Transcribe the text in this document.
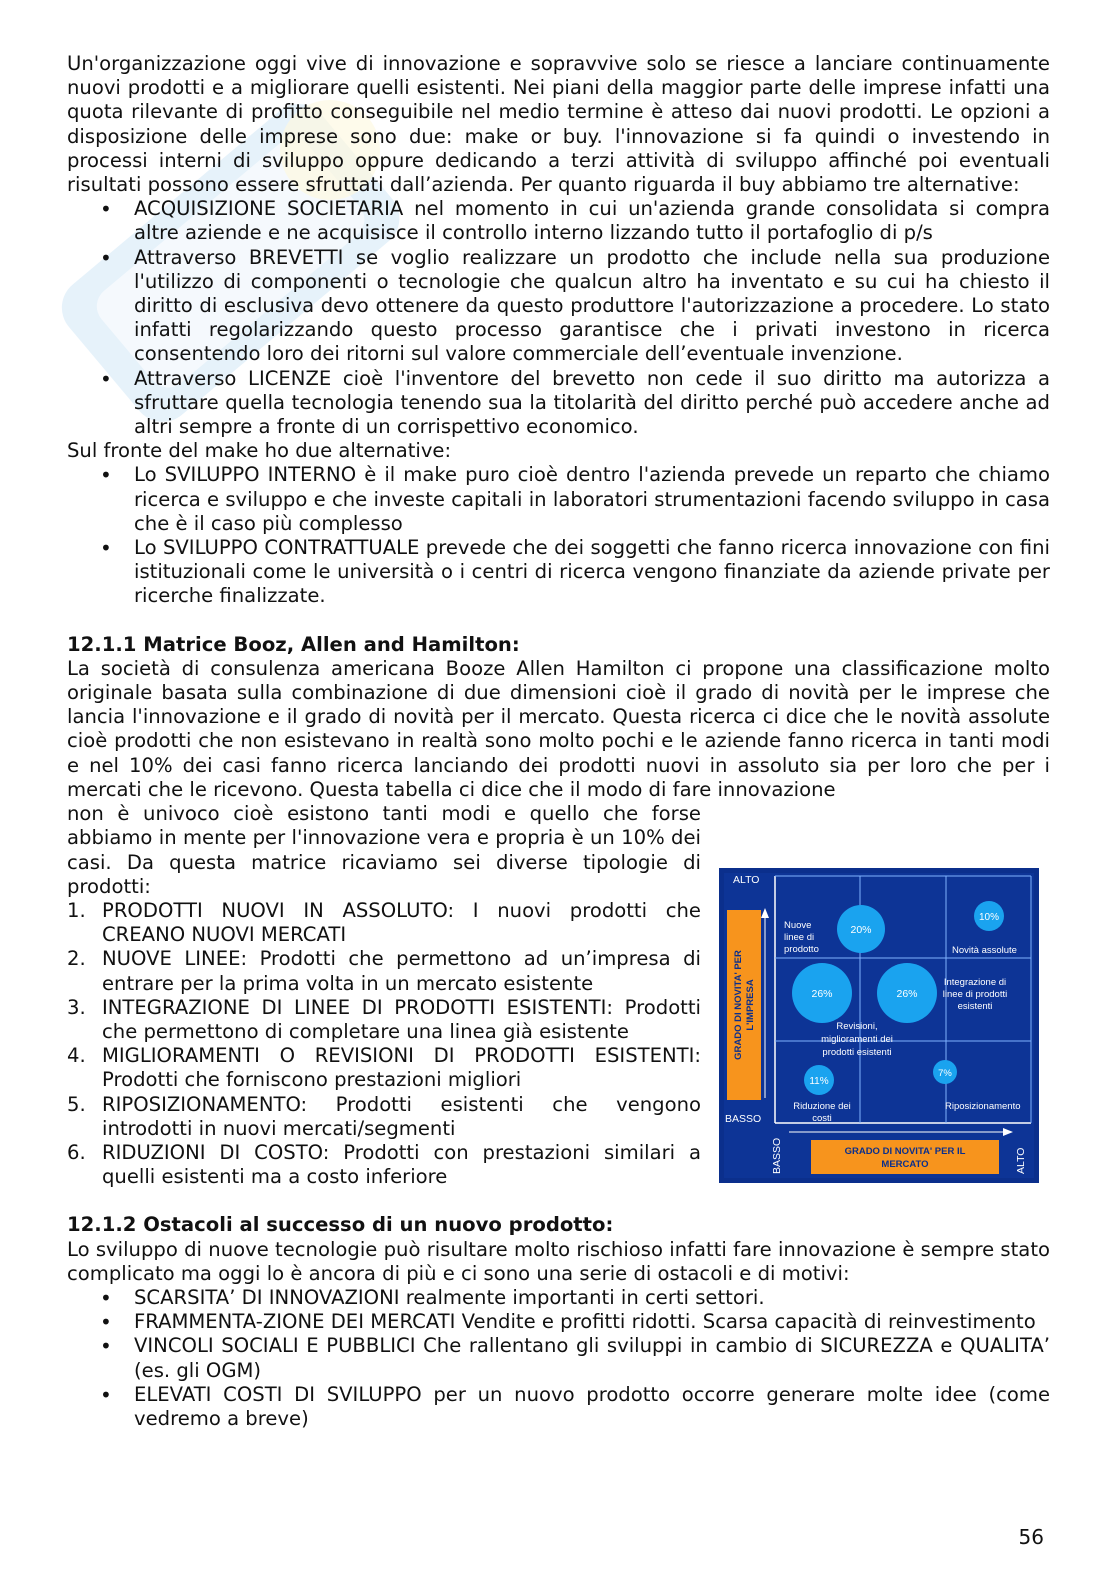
Un'organizzazione oggi vive di innovazione e sopravvive solo se riesce a lanciare continuamente nuovi prodotti e a migliorare quelli esistenti. Nei piani della maggior parte delle imprese infatti una quota rilevante di profitto conseguibile nel medio termine è atteso dai nuovi prodotti. Le opzioni a disposizione delle imprese sono due: make or buy. l'innovazione si fa quindi o investendo in processi interni di sviluppo oppure dedicando a terzi attività di sviluppo affinché poi eventuali risultati possono essere sfruttati dall’azienda. Per quanto riguarda il buy abbiamo tre alternative:

• ACQUISIZIONE SOCIETARIA nel momento in cui un'azienda grande consolidata si compra altre aziende e ne acquisisce il controllo interno lizzando tutto il portafoglio di p/s
• Attraverso BREVETTI se voglio realizzare un prodotto che include nella sua produzione l'utilizzo di componenti o tecnologie che qualcun altro ha inventato e su cui ha chiesto il diritto di esclusiva devo ottenere da questo produttore l'autorizzazione a procedere. Lo stato infatti regolarizzando questo processo garantisce che i privati investono in ricerca consentendo loro dei ritorni sul valore commerciale dell’eventuale invenzione.
• Attraverso LICENZE cioè l'inventore del brevetto non cede il suo diritto ma autorizza a sfruttare quella tecnologia tenendo sua la titolarità del diritto perché può accedere anche ad altri sempre a fronte di un corrispettivo economico.

Sul fronte del make ho due alternative:

• Lo SVILUPPO INTERNO è il make puro cioè dentro l'azienda prevede un reparto che chiamo ricerca e sviluppo e che investe capitali in laboratori strumentazioni facendo sviluppo in casa che è il caso più complesso
• Lo SVILUPPO CONTRATTUALE prevede che dei soggetti che fanno ricerca innovazione con fini istituzionali come le università o i centri di ricerca vengono finanziate da aziende private per ricerche finalizzate.
12.1.1 Matrice Booz, Allen and Hamilton:

La società di consulenza americana Booze Allen Hamilton ci propone una classificazione molto originale basata sulla combinazione di due dimensioni cioè il grado di novità per le imprese che lancia l'innovazione e il grado di novità per il mercato. Questa ricerca ci dice che le novità assolute cioè prodotti che non esistevano in realtà sono molto pochi e le aziende fanno ricerca in tanti modi e nel 10% dei casi fanno ricerca lanciando dei prodotti nuovi in assoluto sia per loro che per i mercati che le ricevono. Questa tabella ci dice che il modo di fare innovazione

non è univoco cioè esistono tanti modi e quello che forse abbiamo in mente per l'innovazione vera e propria è un 10% dei casi. Da questa matrice ricaviamo sei diverse tipologie di prodotti:

1. PRODOTTI NUOVI IN ASSOLUTO: I nuovi prodotti che CREANO NUOVI MERCATI
2. NUOVE LINEE: Prodotti che permettono ad un’impresa di entrare per la prima volta in un mercato esistente
3. INTEGRAZIONE DI LINEE DI PRODOTTI ESISTENTI: Prodotti che permettono di completare una linea già esistente
4. MIGLIORAMENTI O REVISIONI DI PRODOTTI ESISTENTI: Prodotti che forniscono prestazioni migliori
5. RIPOSIZIONAMENTO: Prodotti esistenti che vengono introdotti in nuovi mercati/segmenti
6. RIDUZIONI DI COSTO: Prodotti con prestazioni similari a quelli esistenti ma a costo inferiore
12.1.2 Ostacoli al successo di un nuovo prodotto:

Lo sviluppo di nuove tecnologie può risultare molto rischioso infatti fare innovazione è sempre stato complicato ma oggi lo è ancora di più e ci sono una serie di ostacoli e di motivi:

• SCARSITA’ DI INNOVAZIONI realmente importanti in certi settori.
• FRAMMENTA-ZIONE DEI MERCATI Vendite e profitti ridotti. Scarsa capacità di reinvestimento
• VINCOLI SOCIALI E PUBBLICI Che rallentano gli sviluppi in cambio di SICUREZZA e QUALITA’ (es. gli OGM)
• ELEVATI COSTI DI SVILUPPO per un nuovo prodotto occorre generare molte idee (come vedremo a breve)
ALTO
BASSO
GRADO DI NOVITA' PER L'IMPRESA
BASSO	ALTO
GRADO DI NOVITA' PER IL
MERCATO
20%
10%
26%	26%
11%
7%
Nuove
linee di
prodotto	Novità assolute
Integrazione di
linee di prodotti
esistenti
Revisioni,
miglioramenti dei
prodotti esistenti
Riduzione dei
costi
Riposizionamento
56
